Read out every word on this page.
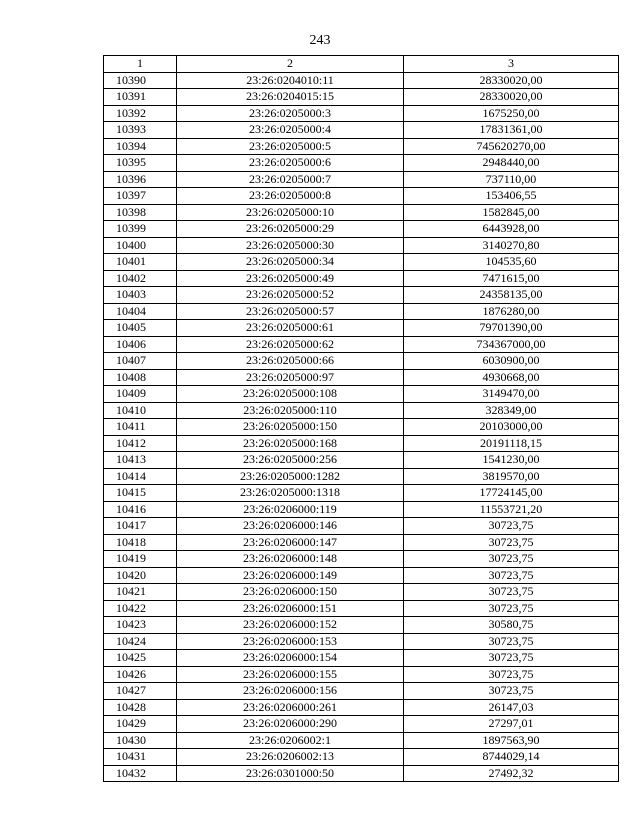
243
1	2	3
10390	23:26:0204010:11	28330020,00
10391	23:26:0204015:15	28330020,00
10392	23:26:0205000:3	1675250,00
10393	23:26:0205000:4	17831361,00
10394	23:26:0205000:5	745620270,00
10395	23:26:0205000:6	2948440,00
10396	23:26:0205000:7	737110,00
10397	23:26:0205000:8	153406,55
10398	23:26:0205000:10	1582845,00
10399	23:26:0205000:29	6443928,00
10400	23:26:0205000:30	3140270,80
10401	23:26:0205000:34	104535,60
10402	23:26:0205000:49	7471615,00
10403	23:26:0205000:52	24358135,00
10404	23:26:0205000:57	1876280,00
10405	23:26:0205000:61	79701390,00
10406	23:26:0205000:62	734367000,00
10407	23:26:0205000:66	6030900,00
10408	23:26:0205000:97	4930668,00
10409	23:26:0205000:108	3149470,00
10410	23:26:0205000:110	328349,00
10411	23:26:0205000:150	20103000,00
10412	23:26:0205000:168	20191118,15
10413	23:26:0205000:256	1541230,00
10414	23:26:0205000:1282	3819570,00
10415	23:26:0205000:1318	17724145,00
10416	23:26:0206000:119	11553721,20
10417	23:26:0206000:146	30723,75
10418	23:26:0206000:147	30723,75
10419	23:26:0206000:148	30723,75
10420	23:26:0206000:149	30723,75
10421	23:26:0206000:150	30723,75
10422	23:26:0206000:151	30723,75
10423	23:26:0206000:152	30580,75
10424	23:26:0206000:153	30723,75
10425	23:26:0206000:154	30723,75
10426	23:26:0206000:155	30723,75
10427	23:26:0206000:156	30723,75
10428	23:26:0206000:261	26147,03
10429	23:26:0206000:290	27297,01
10430	23:26:0206002:1	1897563,90
10431	23:26:0206002:13	8744029,14
10432	23:26:0301000:50	27492,32
